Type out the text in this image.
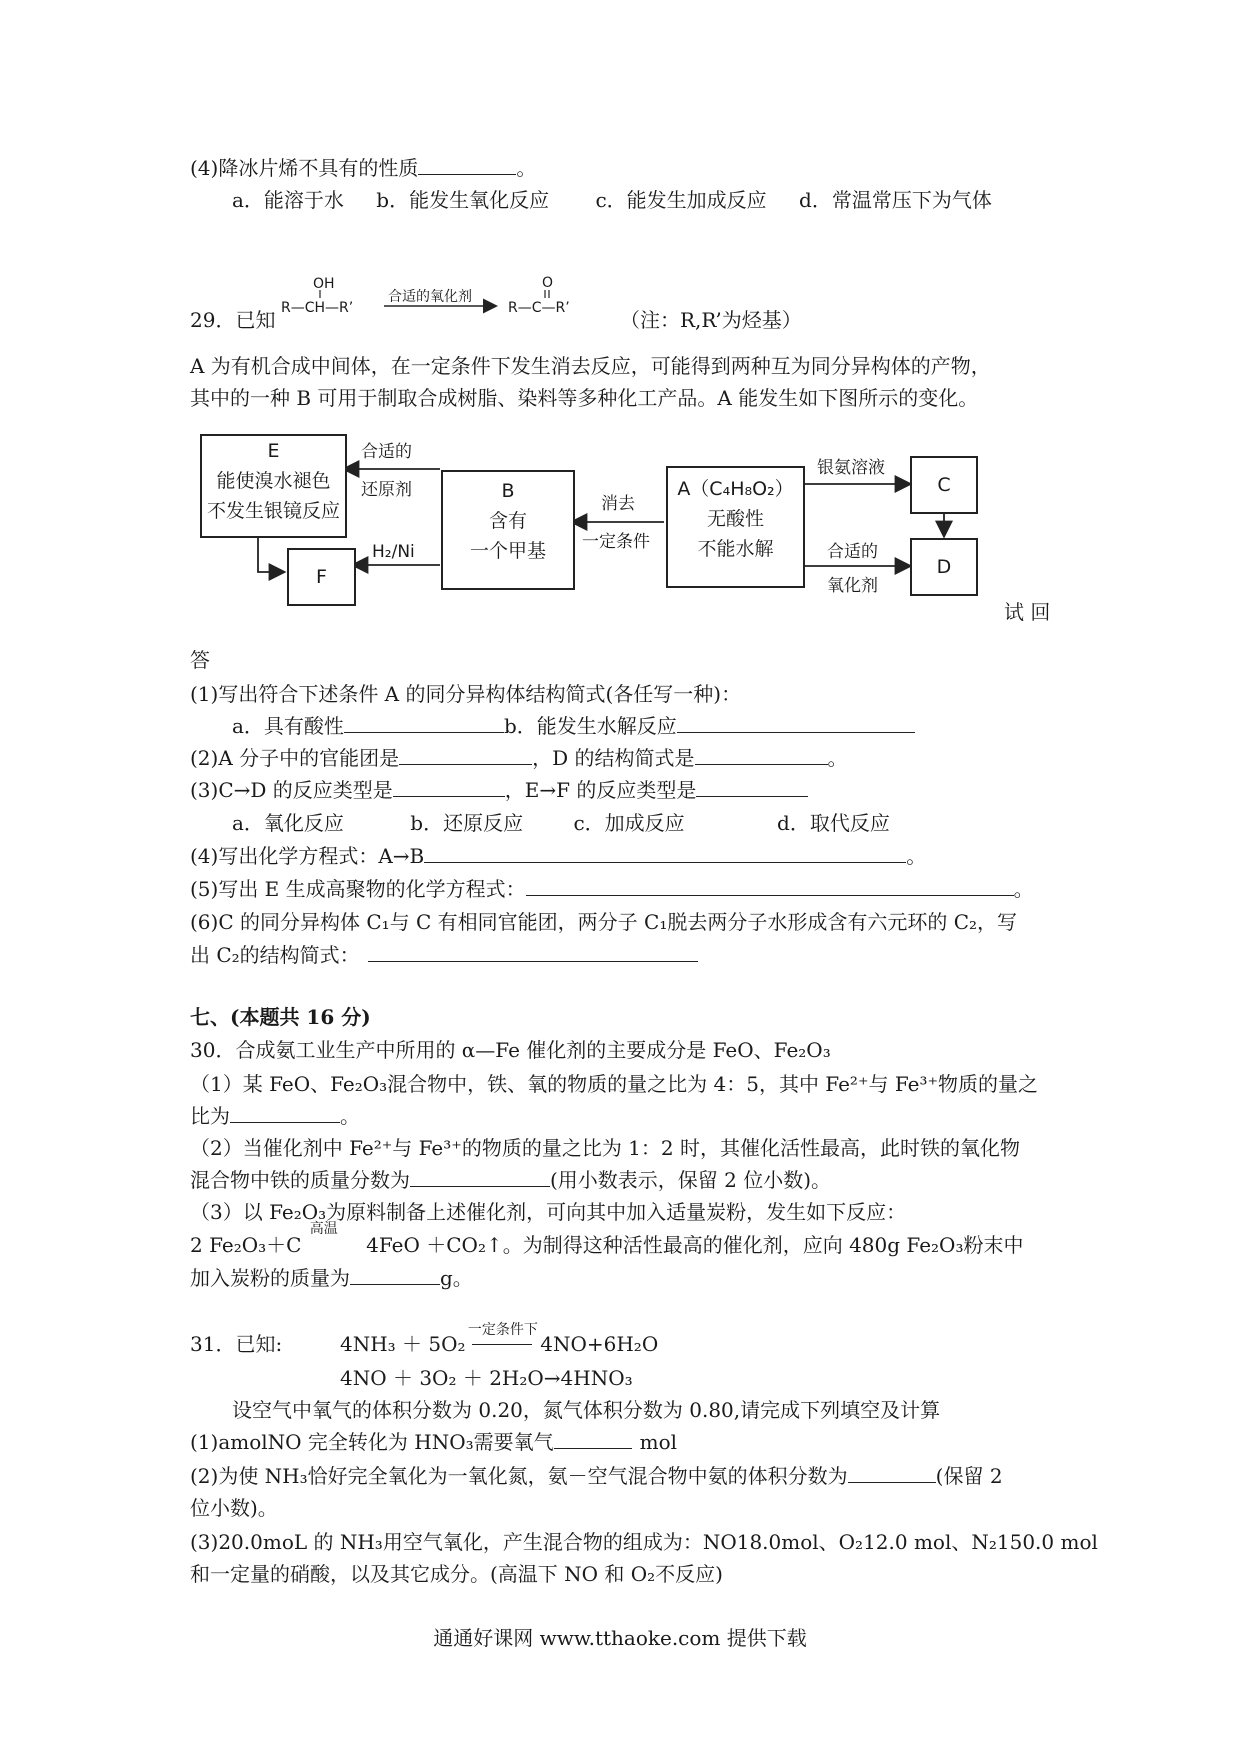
(4)降冰片烯不具有的性质	。
a．能溶于水 b．能发生氧化反应 c．能发生加成反应 d．常温常压下为气体
29．已知
OH
R—CH—R’
合适的氧化剂
O
R—C—R’	（注：R,R’为烃基）
A 为有机合成中间体，在一定条件下发生消去反应，可能得到两种互为同分异构体的产物，
其中的一种 B 可用于制取合成树脂、染料等多种化工产品。A 能发生如下图所示的变化。
E
能使溴水褪色
不发生银镜反应
F
B
含有
一个甲基
A（C₄H₈O₂）
无酸性
不能水解
C
D
合适的
还原剂
H₂/Ni
消去
一定条件
银氨溶液
合适的
氧化剂
试 回
答
(1)写出符合下述条件 A 的同分异构体结构简式(各任写一种)：
a．具有酸性	b．能发生水解反应
(2)A 分子中的官能团是	，D 的结构简式是	。
(3)C→D 的反应类型是	，E→F 的反应类型是
a．氧化反应	b．还原反应	c．加成反应	d．取代反应
(4)写出化学方程式：A→B	。
(5)写出 E 生成高聚物的化学方程式：	。
(6)C 的同分异构体 C₁与 C 有相同官能团，两分子 C₁脱去两分子水形成含有六元环的 C₂，写
出 C₂的结构简式：
七、(本题共 16 分)
30．合成氨工业生产中所用的 α—Fe 催化剂的主要成分是 FeO、Fe₂O₃
（1）某 FeO、Fe₂O₃混合物中，铁、氧的物质的量之比为 4：5，其中 Fe²⁺与 Fe³⁺物质的量之
比为	。
（2）当催化剂中 Fe²⁺与 Fe³⁺的物质的量之比为 1：2 时，其催化活性最高，此时铁的氧化物
混合物中铁的质量分数为	(用小数表示，保留 2 位小数)。
（3）以 Fe₂O₃为原料制备上述催化剂，可向其中加入适量炭粉，发生如下反应：
2 Fe₂O₃＋C
高温
4FeO ＋CO₂↑。为制得这种活性最高的催化剂，应向 480g Fe₂O₃粉末中
加入炭粉的质量为	g。
31．已知:	4NH₃ ＋ 5O₂
一定条件下
4NO+6H₂O
4NO ＋ 3O₂ ＋ 2H₂O→4HNO₃
设空气中氧气的体积分数为 0.20，氮气体积分数为 0.80,请完成下列填空及计算
(1)amolNO 完全转化为 HNO₃需要氧气	mol
(2)为使 NH₃恰好完全氧化为一氧化氮，氨－空气混合物中氨的体积分数为	(保留 2
位小数)。
(3)20.0moL 的 NH₃用空气氧化，产生混合物的组成为：NO18.0mol、O₂12.0 mol、N₂150.0 mol
和一定量的硝酸，以及其它成分。(高温下 NO 和 O₂不反应)
通通好课网 www.tthaoke.com 提供下载
